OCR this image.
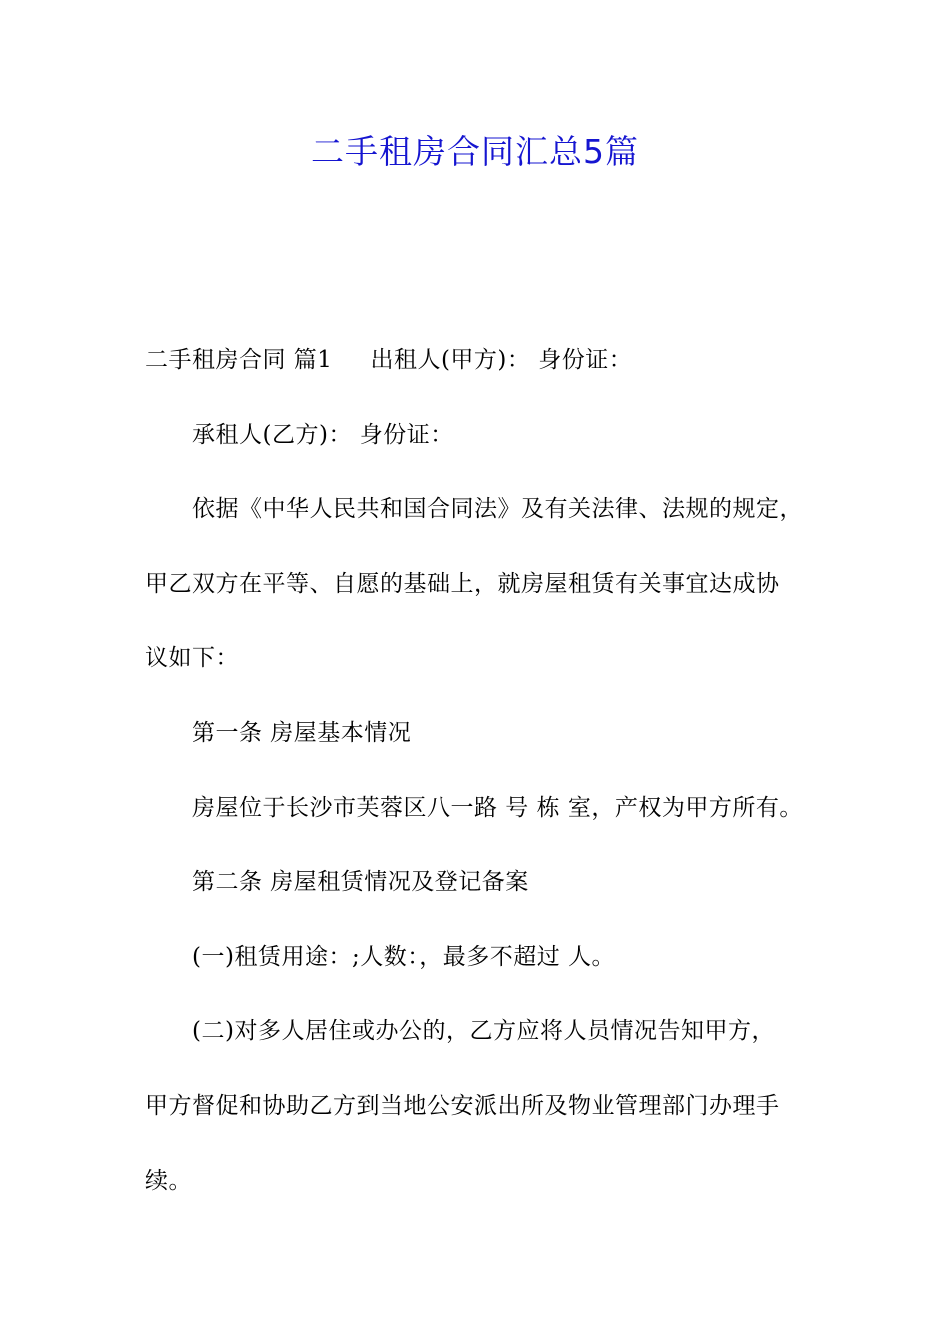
二手租房合同汇总5篇
二手租房合同 篇1 出租人(甲方)： 身份证：
承租人(乙方)： 身份证：
依据《中华人民共和国合同法》及有关法律、法规的规定，
甲乙双方在平等、自愿的基础上，就房屋租赁有关事宜达成协
议如下：
第一条 房屋基本情况
房屋位于长沙市芙蓉区八一路 号 栋 室，产权为甲方所有。
第二条 房屋租赁情况及登记备案
(一)租赁用途：;人数：，最多不超过 人。
(二)对多人居住或办公的，乙方应将人员情况告知甲方，
甲方督促和协助乙方到当地公安派出所及物业管理部门办理手
续。
